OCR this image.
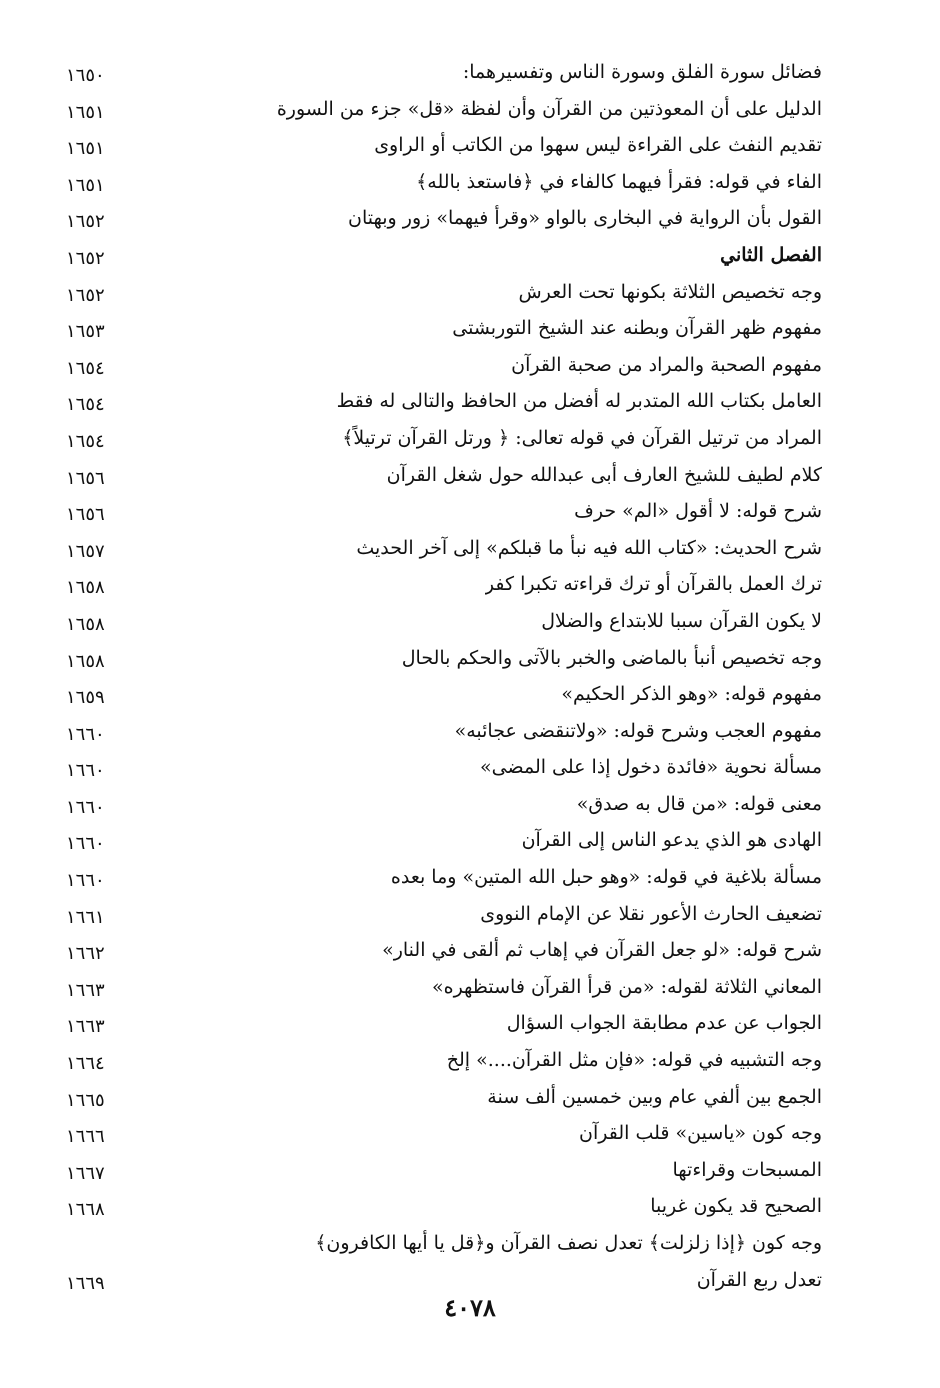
فضائل سورة الفلق وسورة الناس وتفسيرهما:
١٦٥٠
الدليل على أن المعوذتين من القرآن وأن لفظة «قل» جزء من السورة
١٦٥١
تقديم النفث على القراءة ليس سهوا من الكاتب أو الراوى
١٦٥١
الفاء في قوله: فقرأ فيهما كالفاء في ﴿فاستعذ بالله﴾
١٦٥١
القول بأن الرواية في البخارى بالواو «وقرأ فيهما» زور وبهتان
١٦٥٢
الفصل الثاني
١٦٥٢
وجه تخصيص الثلاثة بكونها تحت العرش
١٦٥٢
مفهوم ظهر القرآن وبطنه عند الشيخ التوربشتى
١٦٥٣
مفهوم الصحبة والمراد من صحبة القرآن
١٦٥٤
العامل بكتاب الله المتدبر له أفضل من الحافظ والتالى له فقط
١٦٥٤
المراد من ترتيل القرآن في قوله تعالى: ﴿ ورتل القرآن ترتيلاً﴾
١٦٥٤
كلام لطيف للشيخ العارف أبى عبدالله حول شغل القرآن
١٦٥٦
شرح قوله: لا أقول «الم» حرف
١٦٥٦
شرح الحديث: «كتاب الله فيه نبأ ما قبلكم» إلى آخر الحديث
١٦٥٧
ترك العمل بالقرآن أو ترك قراءته تكبرا كفر
١٦٥٨
لا يكون القرآن سببا للابتداع والضلال
١٦٥٨
وجه تخصيص أنبأ بالماضى والخبر بالآتى والحكم بالحال
١٦٥٨
مفهوم قوله: «وهو الذكر الحكيم»
١٦٥٩
مفهوم العجب وشرح قوله: «ولاتنقضى عجائبه»
١٦٦٠
مسألة نحوية «فائدة دخول إذا على المضى»
١٦٦٠
معنى قوله: «من قال به صدق»
١٦٦٠
الهادى هو الذي يدعو الناس إلى القرآن
١٦٦٠
مسألة بلاغية في قوله: «وهو حبل الله المتين» وما بعده
١٦٦٠
تضعيف الحارث الأعور نقلا عن الإمام النووى
١٦٦١
شرح قوله: «لو جعل القرآن في إهاب ثم ألقى في النار»
١٦٦٢
المعاني الثلاثة لقوله: «من قرأ القرآن فاستظهره»
١٦٦٣
الجواب عن عدم مطابقة الجواب السؤال
١٦٦٣
وجه التشبيه في قوله: «فإن مثل القرآن....» إلخ
١٦٦٤
الجمع بين ألفي عام وبين خمسين ألف سنة
١٦٦٥
وجه كون «ياسين» قلب القرآن
١٦٦٦
المسبحات وقراءتها
١٦٦٧
الصحيح قد يكون غريبا
١٦٦٨
وجه كون ﴿إذا زلزلت﴾ تعدل نصف القرآن و﴿قل يا أيها الكافرون﴾
تعدل ربع القرآن
١٦٦٩
٤٠٧٨
